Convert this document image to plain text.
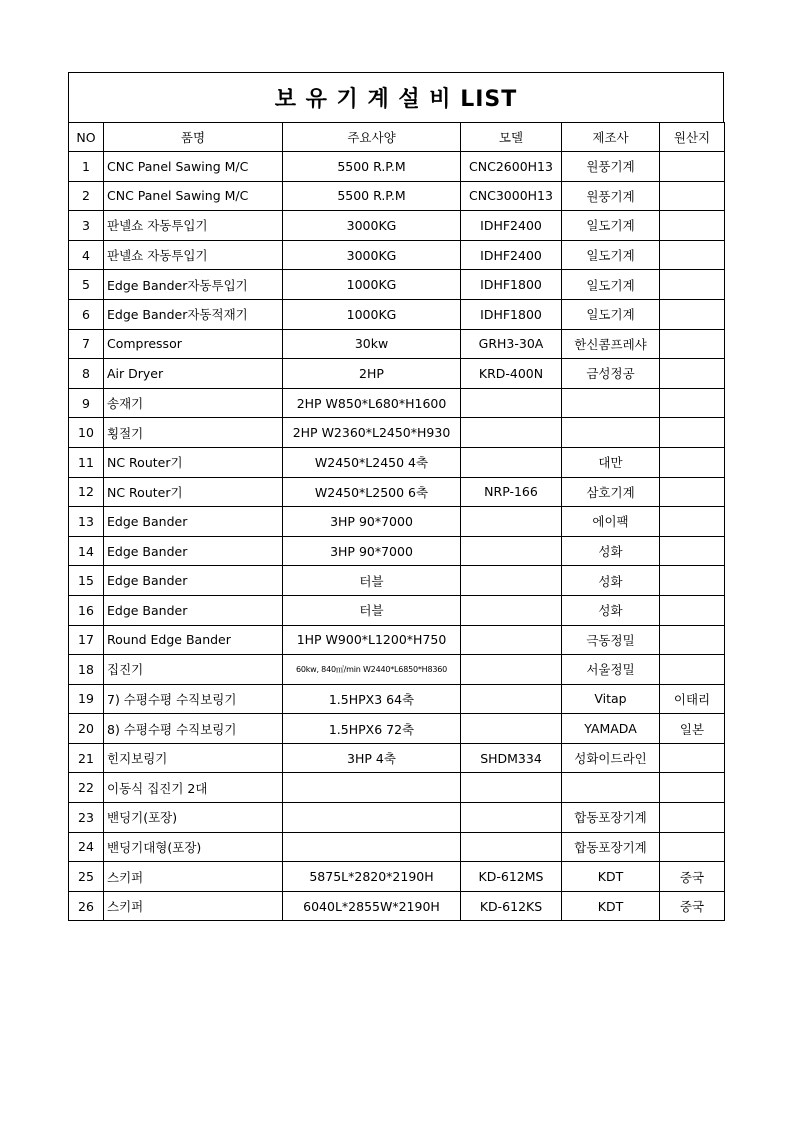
보 유 기 계 설 비 LIST
NO	품명	주요사양	모델	제조사	원산지
1	CNC Panel Sawing M/C	5500 R.P.M	CNC2600H13	원풍기계	
2	CNC Panel Sawing M/C	5500 R.P.M	CNC3000H13	원풍기계	
3	판넬쇼 자동투입기	3000KG	IDHF2400	일도기계	
4	판넬쇼 자동투입기	3000KG	IDHF2400	일도기계	
5	Edge Bander자동투입기	1000KG	IDHF1800	일도기계	
6	Edge Bander자동적재기	1000KG	IDHF1800	일도기계	
7	Compressor	30kw	GRH3-30A	한신콤프레샤	
8	Air Dryer	2HP	KRD-400N	금성정공	
9	송재기	2HP W850*L680*H1600			
10	횡절기	2HP W2360*L2450*H930			
11	NC Router기	W2450*L2450 4축		대만	
12	NC Router기	W2450*L2500 6축	NRP-166	삼호기계	
13	Edge Bander	3HP 90*7000		에이팩	
14	Edge Bander	3HP 90*7000		성화	
15	Edge Bander	터블		성화	
16	Edge Bander	터블		성화	
17	Round Edge Bander	1HP W900*L1200*H750		극동정밀	
18	집진기	60kw, 840㎥/min W2440*L6850*H8360		서울정밀	
19	7) 수평수평 수직보링기	1.5HPX3 64축		Vitap	이태리
20	8) 수평수평 수직보링기	1.5HPX6 72축		YAMADA	일본
21	힌지보링기	3HP 4축	SHDM334	성화이드라인	
22	이동식 집진기 2대				
23	밴딩기(포장)			합동포장기계	
24	밴딩기대형(포장)			합동포장기계	
25	스키퍼	5875L*2820*2190H	KD-612MS	KDT	중국
26	스키퍼	6040L*2855W*2190H	KD-612KS	KDT	중국
